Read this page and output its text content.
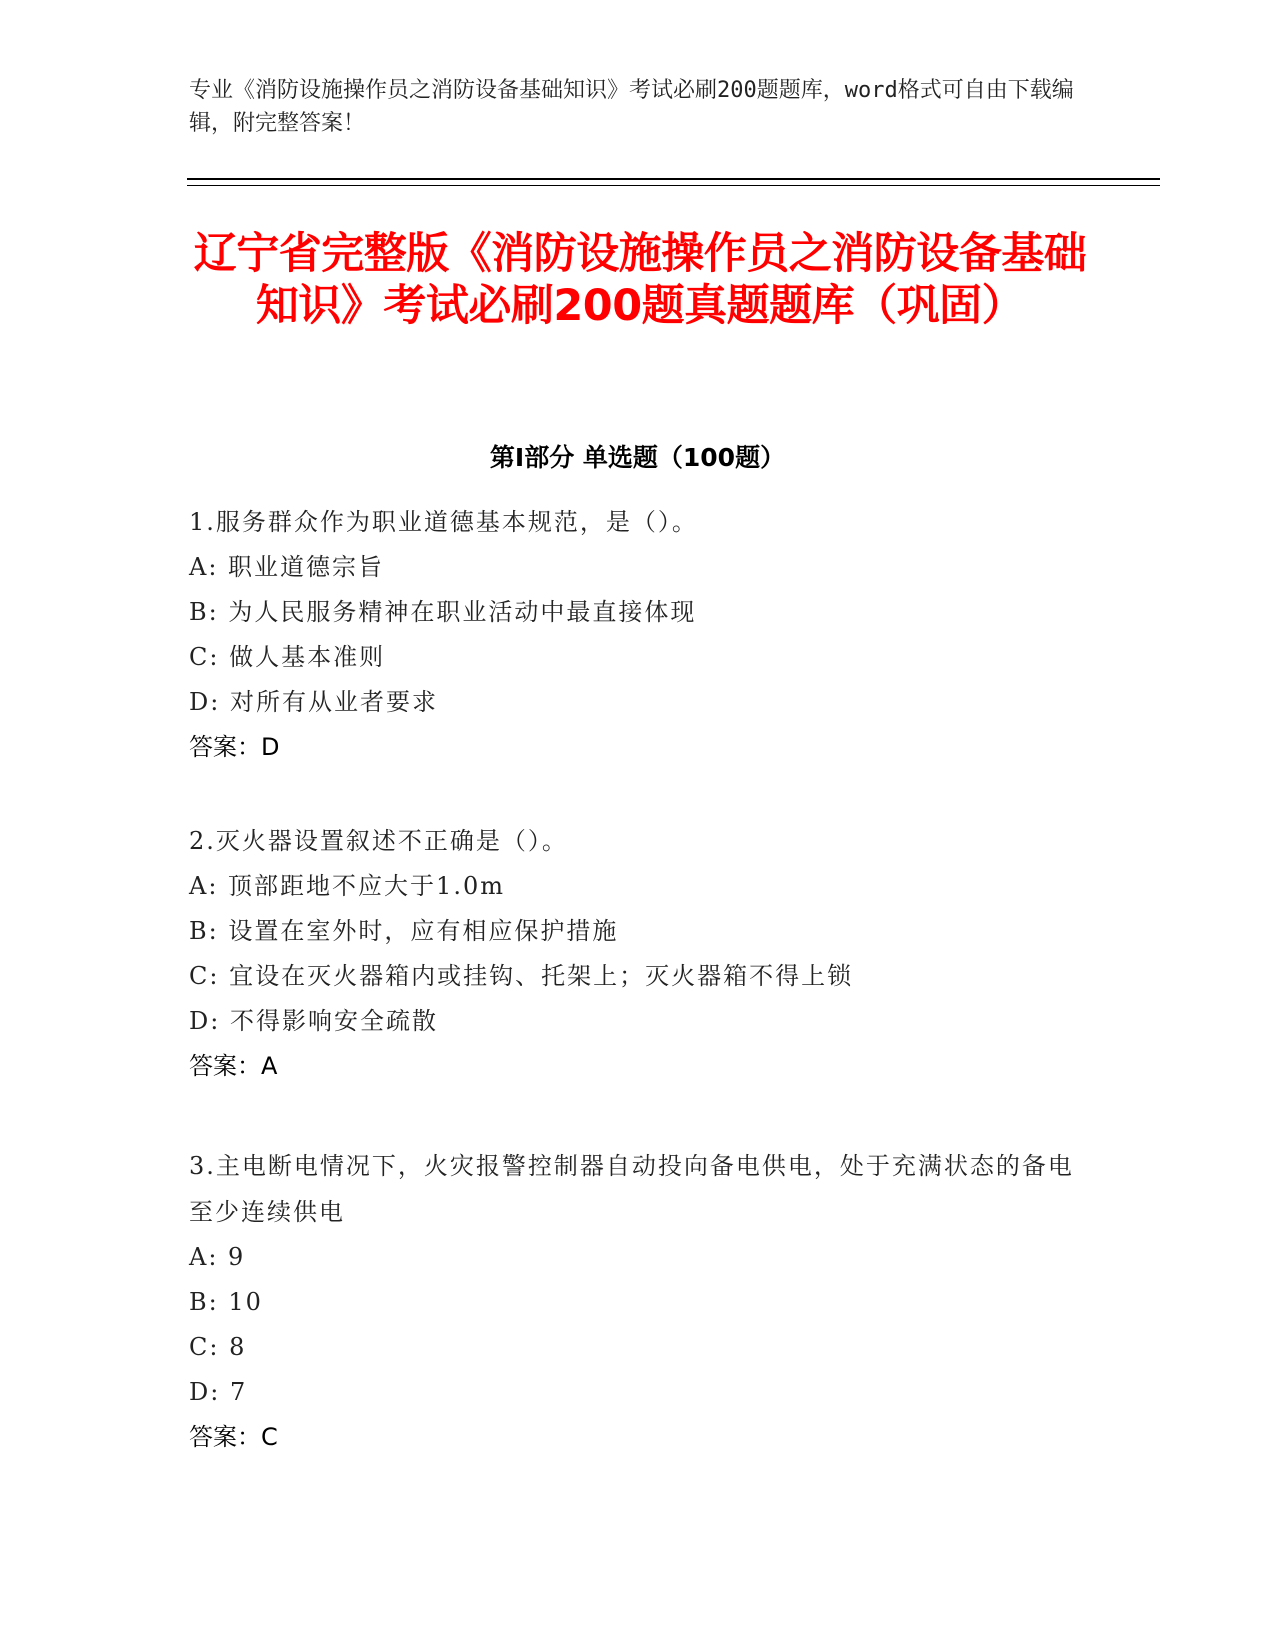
专业《消防设施操作员之消防设备基础知识》考试必刷200题题库，word格式可自由下载编辑，附完整答案！
辽宁省完整版《消防设施操作员之消防设备基础知识》考试必刷200题真题题库（巩固）
第I部分 单选题（100题）
1.服务群众作为职业道德基本规范，是（）。
A: 职业道德宗旨
B: 为人民服务精神在职业活动中最直接体现
C: 做人基本准则
D: 对所有从业者要求
答案：D
2.灭火器设置叙述不正确是（）。
A: 顶部距地不应大于1.0m
B: 设置在室外时，应有相应保护措施
C: 宜设在灭火器箱内或挂钩、托架上；灭火器箱不得上锁
D: 不得影响安全疏散
答案：A
3.主电断电情况下，火灾报警控制器自动投向备电供电，处于充满状态的备电至少连续供电
A: 9
B: 10
C: 8
D: 7
答案：C
